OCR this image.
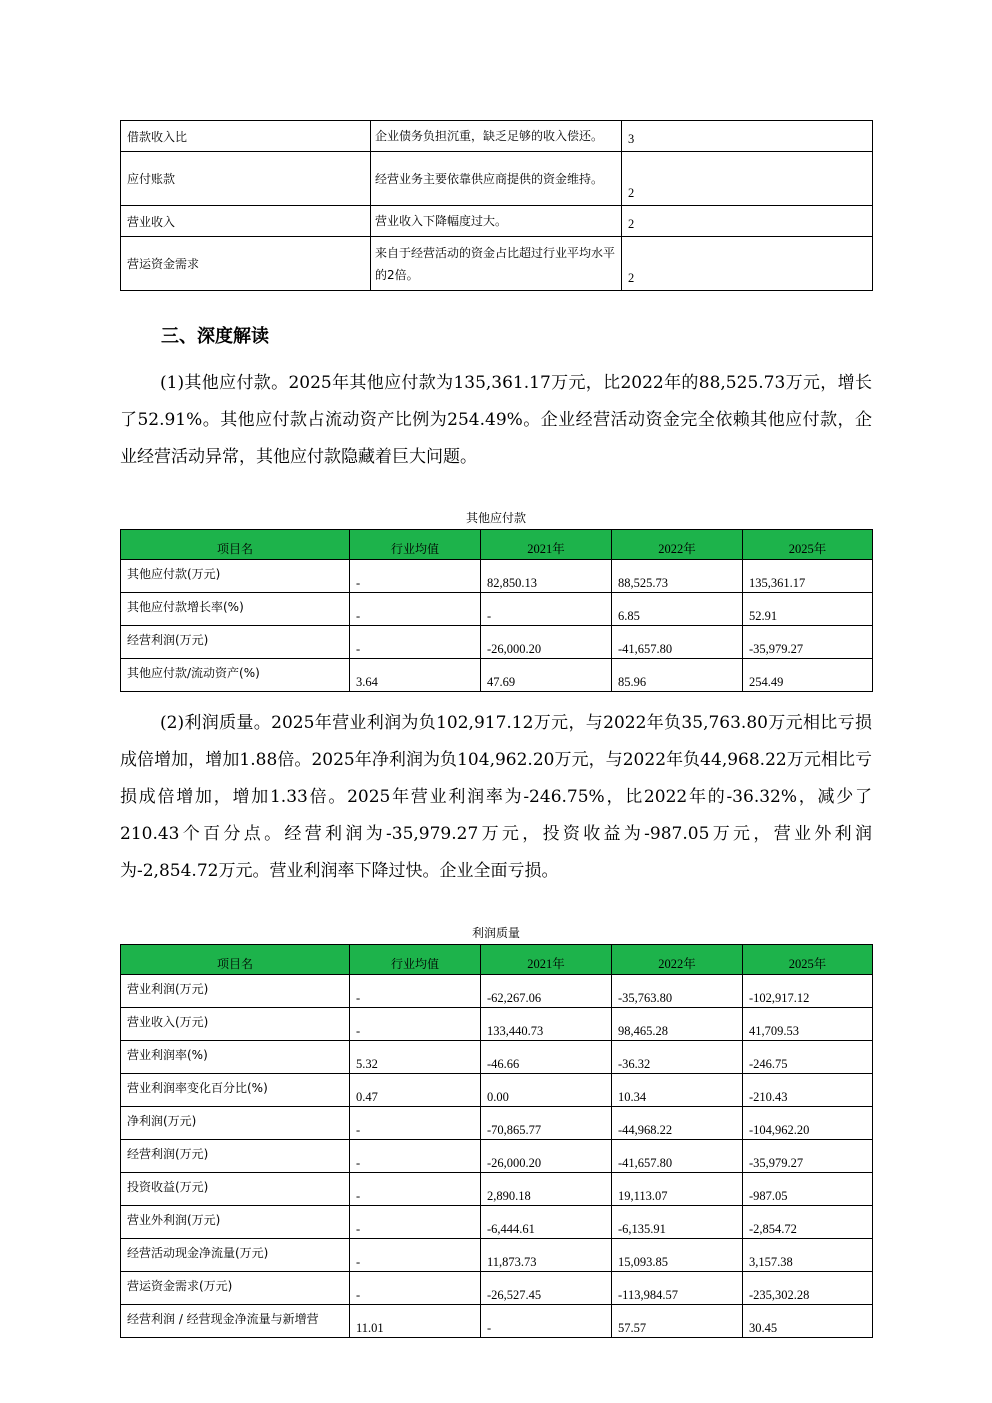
借款收入比	企业债务负担沉重，缺乏足够的收入偿还。	3
应付账款	经营业务主要依靠供应商提供的资金维持。	2
营业收入	营业收入下降幅度过大。	2
营运资金需求	来自于经营活动的资金占比超过行业平均水平的2倍。	2
三、深度解读
(1)其他应付款。2025年其他应付款为135,361.17万元，比2022年的88,525.73万元，增长了52.91%。其他应付款占流动资产比例为254.49%。企业经营活动资金完全依赖其他应付款，企业经营活动异常，其他应付款隐藏着巨大问题。
其他应付款
项目名	行业均值	2021年	2022年	2025年
其他应付款(万元)	-	82,850.13	88,525.73	135,361.17
其他应付款增长率(%)	-	-	6.85	52.91
经营利润(万元)	-	-26,000.20	-41,657.80	-35,979.27
其他应付款/流动资产(%)	3.64	47.69	85.96	254.49
(2)利润质量。2025年营业利润为负102,917.12万元，与2022年负35,763.80万元相比亏损成倍增加，增加1.88倍。2025年净利润为负104,962.20万元，与2022年负44,968.22万元相比亏损成倍增加，增加1.33倍。2025年营业利润率为-246.75%，比2022年的-36.32%，减少了210.43个百分点。经营利润为-35,979.27万元，投资收益为-987.05万元，营业外利润为-2,854.72万元。营业利润率下降过快。企业全面亏损。
利润质量
项目名	行业均值	2021年	2022年	2025年
营业利润(万元)	-	-62,267.06	-35,763.80	-102,917.12
营业收入(万元)	-	133,440.73	98,465.28	41,709.53
营业利润率(%)	5.32	-46.66	-36.32	-246.75
营业利润率变化百分比(%)	0.47	0.00	10.34	-210.43
净利润(万元)	-	-70,865.77	-44,968.22	-104,962.20
经营利润(万元)	-	-26,000.20	-41,657.80	-35,979.27
投资收益(万元)	-	2,890.18	19,113.07	-987.05
营业外利润(万元)	-	-6,444.61	-6,135.91	-2,854.72
经营活动现金净流量(万元)	-	11,873.73	15,093.85	3,157.38
营运资金需求(万元)	-	-26,527.45	-113,984.57	-235,302.28
经营利润 / 经营现金净流量与新增营	11.01	-	57.57	30.45
